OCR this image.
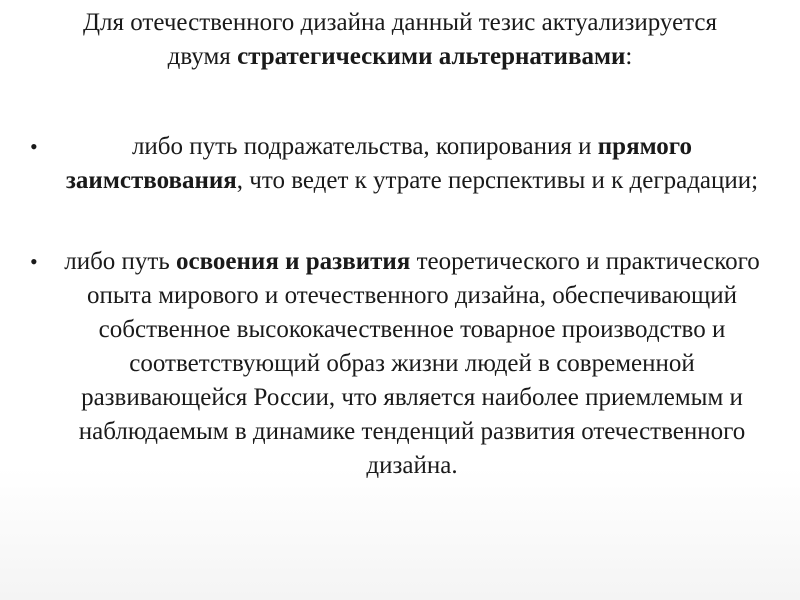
Для отечественного дизайна данный тезис актуализируется двумя стратегическими альтернативами:
•	либо путь подражательства, копирования и прямого заимствования, что ведет к утрате перспективы и к деградации;
•	либо путь освоения и развития теоретического и практического опыта мирового и отечественного дизайна, обеспечивающий собственное высококачественное товарное производство и соответствующий образ жизни людей в современной развивающейся России, что является наиболее приемлемым и наблюдаемым в динамике тенденций развития отечественного дизайна.
